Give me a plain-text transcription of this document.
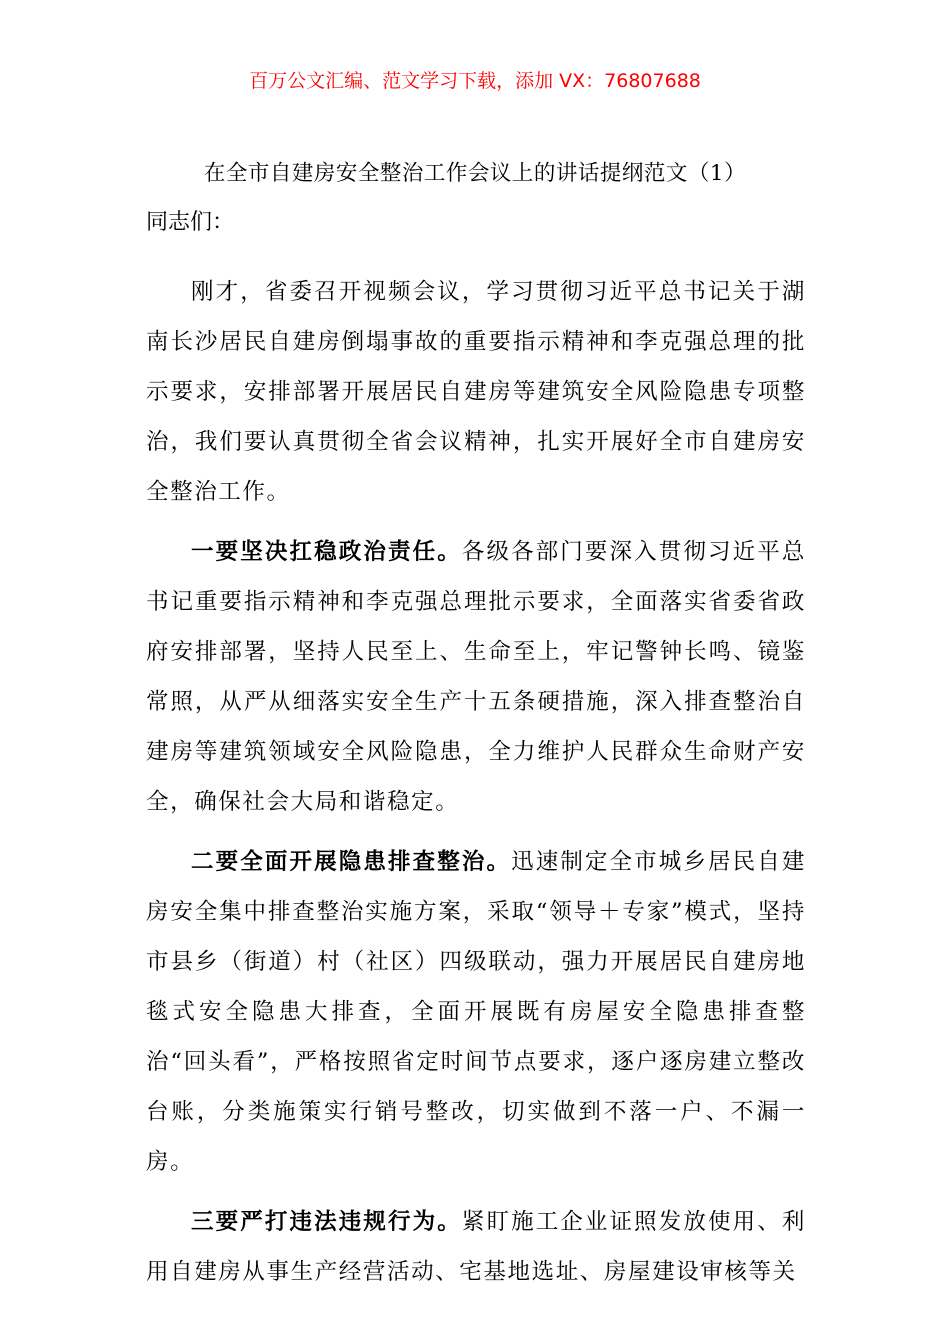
百万公文汇编、范文学习下载，添加 VX：76807688
在全市自建房安全整治工作会议上的讲话提纲范文（1）
同志们：

刚才，省委召开视频会议，学习贯彻习近平总书记关于湖南长沙居民自建房倒塌事故的重要指示精神和李克强总理的批示要求，安排部署开展居民自建房等建筑安全风险隐患专项整治，我们要认真贯彻全省会议精神，扎实开展好全市自建房安全整治工作。

一要坚决扛稳政治责任。各级各部门要深入贯彻习近平总书记重要指示精神和李克强总理批示要求，全面落实省委省政府安排部署，坚持人民至上、生命至上，牢记警钟长鸣、镜鉴常照，从严从细落实安全生产十五条硬措施，深入排查整治自建房等建筑领域安全风险隐患，全力维护人民群众生命财产安全，确保社会大局和谐稳定。

二要全面开展隐患排查整治。迅速制定全市城乡居民自建房安全集中排查整治实施方案，采取“领导＋专家”模式，坚持市县乡（街道）村（社区）四级联动，强力开展居民自建房地毯式安全隐患大排查，全面开展既有房屋安全隐患排查整治“回头看”，严格按照省定时间节点要求，逐户逐房建立整改台账，分类施策实行销号整改，切实做到不落一户、不漏一房。

三要严打违法违规行为。紧盯施工企业证照发放使用、利用自建房从事生产经营活动、宅基地选址、房屋建设审核等关
